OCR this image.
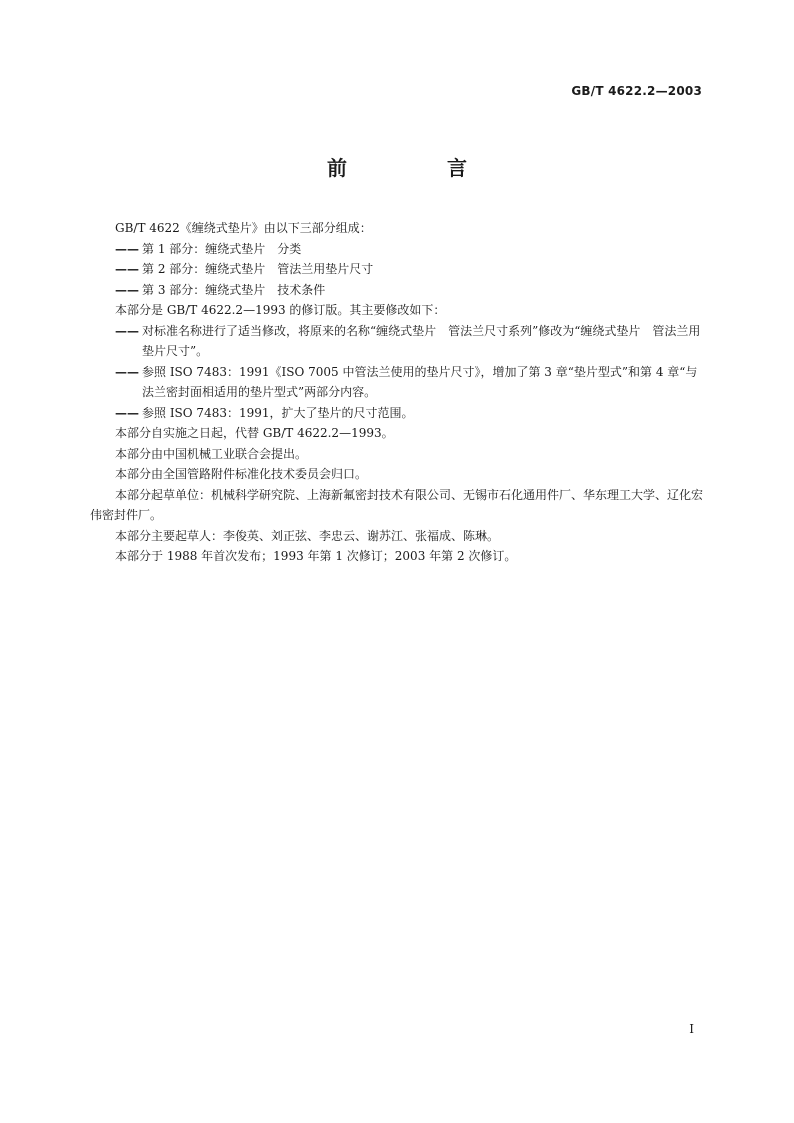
GB/T 4622.2—2003
前　言

GB/T 4622《缠绕式垫片》由以下三部分组成：

—— 第 1 部分：缠绕式垫片　分类

—— 第 2 部分：缠绕式垫片　管法兰用垫片尺寸

—— 第 3 部分：缠绕式垫片　技术条件

本部分是 GB/T 4622.2—1993 的修订版。其主要修改如下：

—— 对标准名称进行了适当修改，将原来的名称“缠绕式垫片　管法兰尺寸系列”修改为“缠绕式垫片　管法兰用垫片尺寸”。

—— 参照 ISO 7483：1991《ISO 7005 中管法兰使用的垫片尺寸》，增加了第 3 章“垫片型式”和第 4 章“与法兰密封面相适用的垫片型式”两部分内容。

—— 参照 ISO 7483：1991，扩大了垫片的尺寸范围。

本部分自实施之日起，代替 GB/T 4622.2—1993。

本部分由中国机械工业联合会提出。

本部分由全国管路附件标准化技术委员会归口。

本部分起草单位：机械科学研究院、上海新氟密封技术有限公司、无锡市石化通用件厂、华东理工大学、辽化宏伟密封件厂。

本部分主要起草人：李俊英、刘正弦、李忠云、谢苏江、张福成、陈琳。

本部分于 1988 年首次发布；1993 年第 1 次修订；2003 年第 2 次修订。

I
